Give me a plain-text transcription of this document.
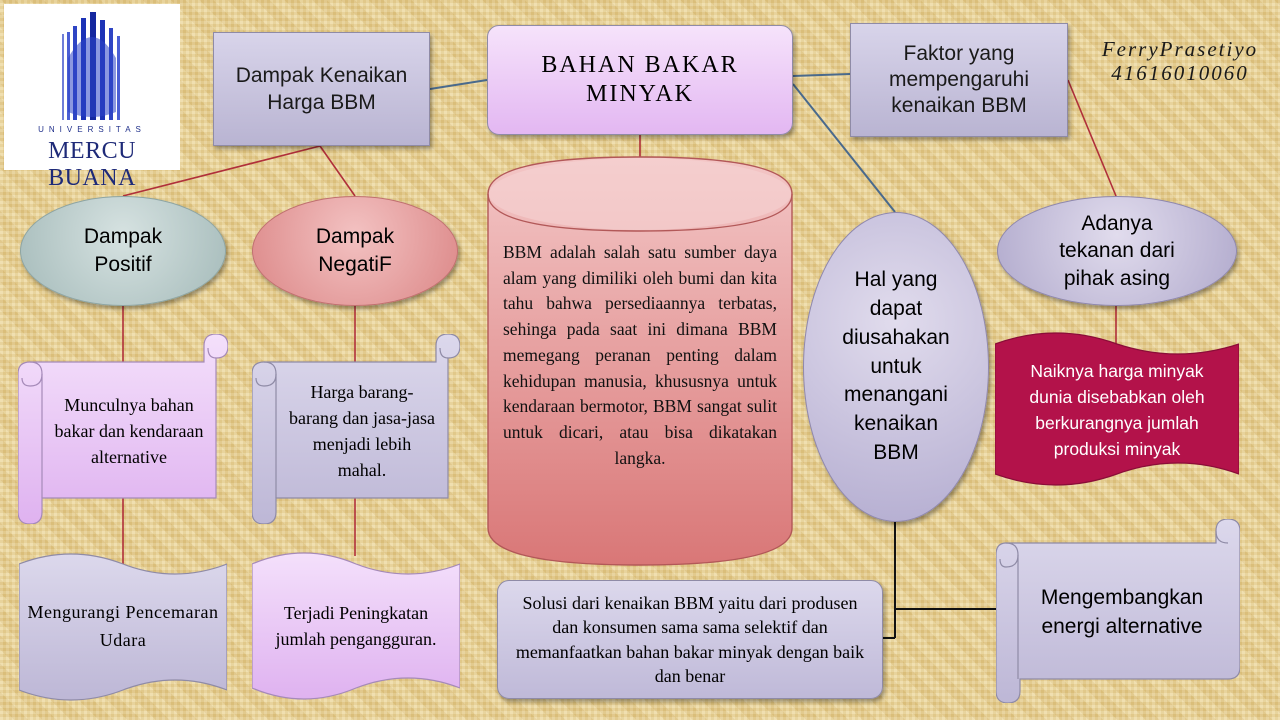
UNIVERSITAS
MERCU BUANA
FerryPrasetiyo
41616010060
Dampak Kenaikan Harga BBM
BAHAN BAKAR MINYAK
Faktor yang mempengaruhi kenaikan BBM
Dampak Positif
Dampak NegatiF
Hal yang dapat diusahakan untuk menangani kenaikan BBM
Adanya tekanan dari pihak asing
Munculnya bahan bakar dan kendaraan alternative
Harga barang-barang dan jasa-jasa menjadi lebih mahal.
Mengurangi Pencemaran Udara
Terjadi Peningkatan jumlah pengangguran.
BBM adalah salah satu sumber daya alam yang dimiliki oleh bumi dan kita tahu bahwa persediaannya terbatas, sehinga pada saat ini dimana BBM memegang peranan penting dalam kehidupan manusia, khususnya untuk kendaraan bermotor, BBM sangat sulit untuk dicari, atau bisa dikatakan langka.
Solusi dari kenaikan BBM yaitu dari produsen dan konsumen sama sama selektif dan memanfaatkan bahan bakar minyak dengan baik dan benar
Naiknya harga minyak dunia disebabkan oleh berkurangnya jumlah produksi minyak
Mengembangkan energi alternative
